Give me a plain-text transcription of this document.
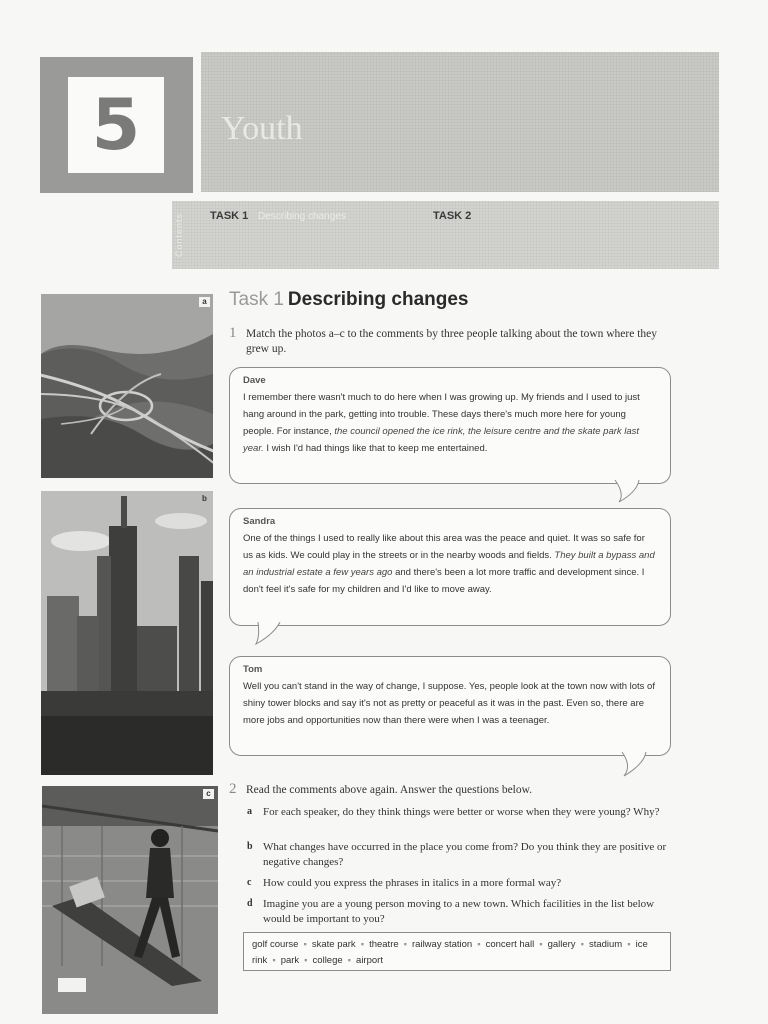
5 Youth
Contents	TASK 1 Describing changes	TASK 2
a
b
c
Task 1 Describing changes
1 Match the photos a–c to the comments by three people talking about the town where they grew up.
Dave
I remember there wasn't much to do here when I was growing up. My friends and I used to just hang around in the park, getting into trouble. These days there's much more here for young people. For instance, the council opened the ice rink, the leisure centre and the skate park last year. I wish I'd had things like that to keep me entertained.
Sandra
One of the things I used to really like about this area was the peace and quiet. It was so safe for us as kids. We could play in the streets or in the nearby woods and fields. They built a bypass and an industrial estate a few years ago and there's been a lot more traffic and development since. I don't feel it's safe for my children and I'd like to move away.
Tom
Well you can't stand in the way of change, I suppose. Yes, people look at the town now with lots of shiny tower blocks and say it's not as pretty or peaceful as it was in the past. Even so, there are more jobs and opportunities now than there were when I was a teenager.
2 Read the comments above again. Answer the questions below.
a For each speaker, do they think things were better or worse when they were young? Why?
b What changes have occurred in the place you come from? Do you think they are positive or negative changes?
c How could you express the phrases in italics in a more formal way?
d Imagine you are a young person moving to a new town. Which facilities in the list below would be important to you?
golf course ▪ skate park ▪ theatre ▪ railway station ▪ concert hall ▪ gallery ▪ stadium ▪ ice rink ▪ park ▪ college ▪ airport
